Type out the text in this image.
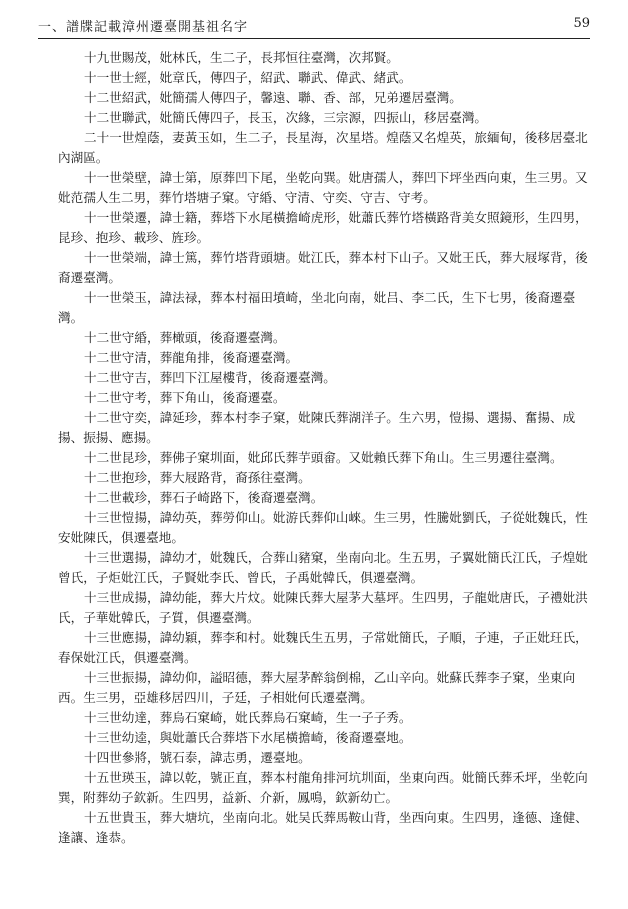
一、譜牒記載漳州遷臺開基祖名字	59

十九世賜茂，妣林氏，生二子，長邦恒往臺灣，次邦賢。

十一世士經，妣章氏，傳四子，紹武、聯武、偉武、緒武。

十二世紹武，妣簡孺人傳四子，馨遠、聯、香、部，兄弟遷居臺灣。

十二世聯武，妣簡氏傳四子，長玉，次緣，三宗源，四振山，移居臺灣。

二十一世煌蔭，妻黃玉如，生二子，長星海，次星塔。煌蔭又名煌英，旅緬甸，後移居臺北內湖區。

十一世榮壁，諱士第，原葬凹下尾，坐乾向巽。妣唐孺人，葬凹下坪坐西向東，生三男。又妣范孺人生二男，葬竹塔塘子窠。守緍、守清、守奕、守吉、守考。

十一世榮遷，諱士籍，葬塔下水尾橫擔崎虎形，妣蕭氏葬竹塔橫路背美女照鏡形，生四男，昆珍、抱珍、載珍、旌珍。

十一世榮端，諱士篤，葬竹塔背頭塘。妣江氏，葬本村下山子。又妣王氏，葬大屐塚背，後裔遷臺灣。

十一世榮玉，諱法禄，葬本村福田墳崎，坐北向南，妣吕、李二氏，生下七男，後裔遷臺灣。

十二世守緍，葬橄頭，後裔遷臺灣。

十二世守清，葬龍角排，後裔遷臺灣。

十二世守吉，葬凹下江屋樓背，後裔遷臺灣。

十二世守考，葬下角山，後裔遷臺。

十二世守奕，諱延珍，葬本村李子窠，妣陳氏葬湖洋子。生六男，愷揚、選揚、奮揚、成揚、振揚、應揚。

十二世昆珍，葬佛子窠圳面，妣邱氏葬芋頭畲。又妣賴氏葬下角山。生三男遷往臺灣。

十二世抱珍，葬大屐路背，裔孫往臺灣。

十二世載珍，葬石子崎路下，後裔遷臺灣。

十三世愷揚，諱幼英，葬勞仰山。妣游氏葬仰山崍。生三男，性騰妣劉氏，子從妣魏氏，性安妣陳氏，俱遷臺地。

十三世選揚，諱幼才，妣魏氏，合葬山豬窠，坐南向北。生五男，子翼妣簡氏江氏，子煌妣曾氏，子炬妣江氏，子賢妣李氏、曾氏，子禹妣韓氏，俱遷臺灣。

十三世成揚，諱幼能，葬大片炆。妣陳氏葬大屋茅大墓坪。生四男，子龍妣唐氏，子禮妣洪氏，子華妣韓氏，子質，俱遷臺灣。

十三世應揚，諱幼穎，葬李和村。妣魏氏生五男，子常妣簡氏，子順，子連，子正妣玨氏，春保妣江氏，俱遷臺灣。

十三世振揚，諱幼仰，謚昭德，葬大屋茅醉翁倒棉，乙山辛向。妣蘇氏葬李子窠，坐東向西。生三男，亞雄移居四川，子廷，子相妣何氏遷臺灣。

十三世幼達，葬烏石窠崎，妣氏葬烏石窠崎，生一子子秀。

十三世幼逵，與妣蕭氏合葬塔下水尾橫擔崎，後裔遷臺地。

十四世參將，號石泰，諱志勇，遷臺地。

十五世瑛玉，諱以乾，號正直，葬本村龍角排河坑圳面，坐東向西。妣簡氏葬禾坪，坐乾向巽，附葬幼子欽新。生四男，益新、介新，鳳鳴，欽新幼亡。

十五世貴玉，葬大塘坑，坐南向北。妣吴氏葬馬鞍山背，坐西向東。生四男，逢德、逢健、逢讓、逢恭。
